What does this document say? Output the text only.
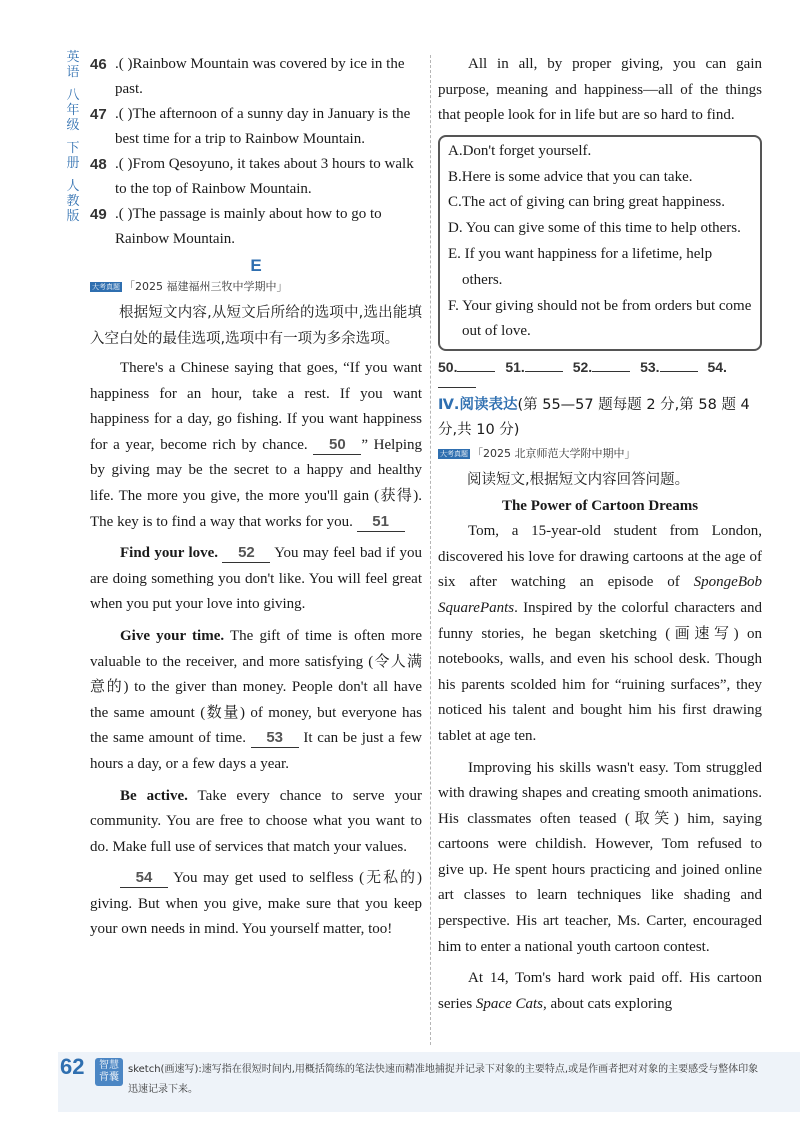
英语
八年级
下册
人教版
46 .( )Rainbow Mountain was covered by ice in the past.
47 .( )The afternoon of a sunny day in January is the best time for a trip to Rainbow Mountain.
48 .( )From Qesoyuno, it takes about 3 hours to walk to the top of Rainbow Mountain.
49 .( )The passage is mainly about how to go to Rainbow Mountain.
E
大考真题 「2025 福建福州三牧中学期中」

根据短文内容,从短文后所给的选项中,选出能填入空白处的最佳选项,选项中有一项为多余选项。

There's a Chinese saying that goes, “If you want happiness for an hour, take a rest. If you want happiness for a day, go fishing. If you want happiness for a year, become rich by chance. 50 ” Helping by giving may be the secret to a happy and healthy life. The more you give, the more you'll gain (获得). The key is to find a way that works for you. 51

Find your love. 52 You may feel bad if you are doing something you don't like. You will feel great when you put your love into giving.

Give your time. The gift of time is often more valuable to the receiver, and more satisfying (令人满意的) to the giver than money. People don't all have the same amount (数量) of money, but everyone has the same amount of time. 53 It can be just a few hours a day, or a few days a year.

Be active. Take every chance to serve your community. You are free to choose what you want to do. Make full use of services that match your values.

54 You may get used to selfless (无私的) giving. But when you give, make sure that you keep your own needs in mind. You yourself matter, too!

All in all, by proper giving, you can gain purpose, meaning and happiness—all of the things that people look for in life but are so hard to find.

A.Don't forget yourself.

B.Here is some advice that you can take.

C.The act of giving can bring great happiness.

D. You can give some of this time to help others.

E. If you want happiness for a lifetime, help others.

F. Your giving should not be from orders but come out of love.

50.	51.	52.	53.	54.

Ⅳ.阅读表达(第 55—57 题每题 2 分,第 58 题 4 分,共 10 分)

大考真题 「2025 北京师范大学附中期中」

阅读短文,根据短文内容回答问题。

The Power of Cartoon Dreams

Tom, a 15-year-old student from London, discovered his love for drawing cartoons at the age of six after watching an episode of SpongeBob SquarePants. Inspired by the colorful characters and funny stories, he began sketching (画速写) on notebooks, walls, and even his school desk. Though his parents scolded him for “ruining surfaces”, they noticed his talent and bought him his first drawing tablet at age ten.

Improving his skills wasn't easy. Tom struggled with drawing shapes and creating smooth animations. His classmates often teased (取笑) him, saying cartoons were childish. However, Tom refused to give up. He spent hours practicing and joined online art classes to learn techniques like shading and perspective. His art teacher, Ms. Carter, encouraged him to enter a national youth cartoon contest.

At 14, Tom's hard work paid off. His cartoon series Space Cats, about cats exploring

62	智慧背囊
sketch(画速写):速写指在很短时间内,用概括简练的笔法快速而精准地捕捉并记录下对象的主要特点,或是作画者把对对象的主要感受与整体印象迅速记录下来。
